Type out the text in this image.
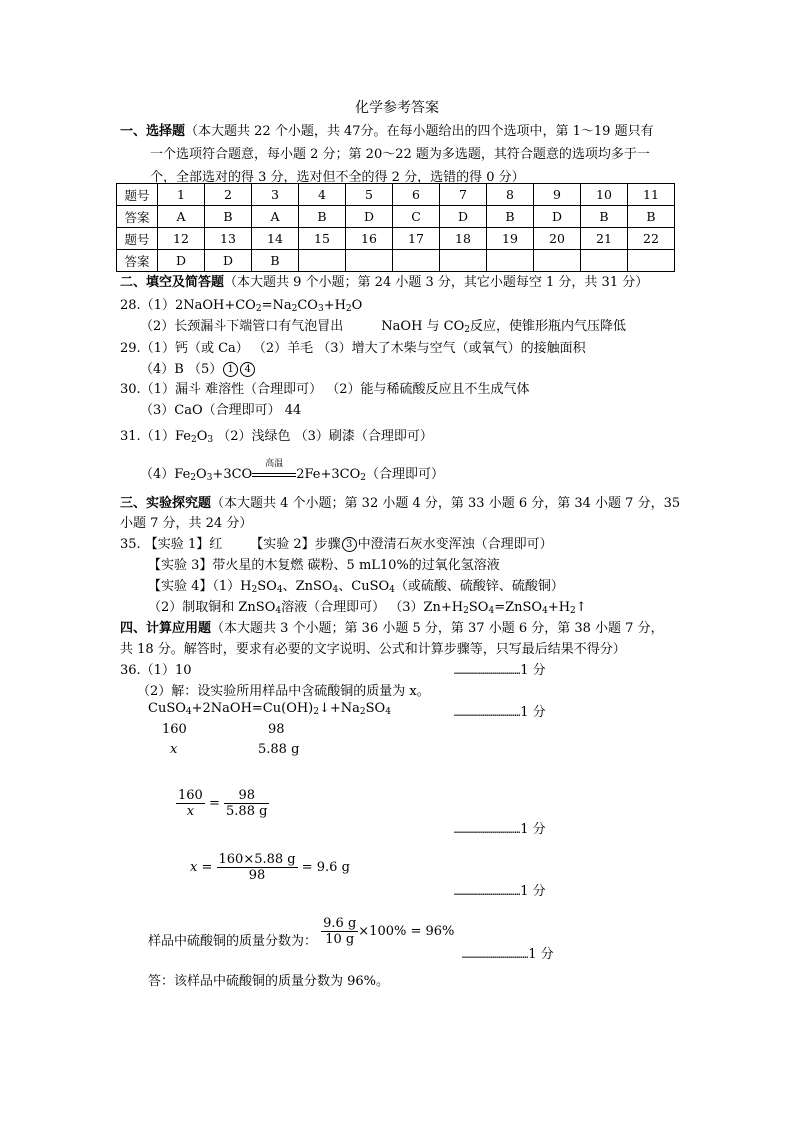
化学参考答案
一、选择题（本大题共 22 个小题，共 47分。在每小题给出的四个选项中，第 1～19 题只有
一个选项符合题意，每小题 2 分；第 20～22 题为多选题，其符合题意的选项均多于一
个，全部选对的得 3 分，选对但不全的得 2 分，选错的得 0 分）
题号	1	2	3	4	5	6	7	8	9	10	11
答案	A	B	A	B	D	C	D	B	D	B	B
题号	12	13	14	15	16	17	18	19	20	21	22
答案	D	D	B								
二、填空及简答题（本大题共 9 个小题；第 24 小题 3 分，其它小题每空 1 分，共 31 分）
$28.(1)2NaOH+CO_2=Na_2CO_3+H_2O$
（2）长颈漏斗下端管口有气泡冒出	NaOH 与 $CO_2$反应，使锥形瓶内气压降低
29.（1）钙（或 Ca） （2）羊毛 （3）增大了木柴与空气（或氧气）的接触面积
（4）B （5） 1 4
30.（1）漏斗 难溶性（合理即可） （2）能与稀硫酸反应且不生成气体
（3）CaO（合理即可） 44
$31.(1)Fe_2O_3$ （2）浅绿色 （3）刷漆（合理即可）
$(4)Fe_2O_3+3CO$
高温
$2Fe+3CO_2$（合理即可）
三、实验探究题（本大题共 4 个小题；第 32 小题 4 分，第 33 小题 6 分，第 34 小题 7 分，35
小题 7 分，共 24 分）
35. 【实验 1】红 【实验 2】步骤 3 中澄清石灰水变浑浊（合理即可）
【实验 3】带火星的木复燃 碳粉、5 mL10%的过氧化氢溶液
【实验 4】$(1)H_2SO_4$、ZnSO$_4$、CuSO$_4$（或硫酸、硫酸锌、硫酸铜）
（2）制取铜和 ZnSO$_4$溶液（合理即可） $(3)Zn+H_2SO_4=ZnSO_4+H_2↑$
四、计算应用题（本大题共 3 个小题；第 36 小题 5 分，第 37 小题 6 分，第 38 小题 7 分，
共 18 分。解答时，要求有必要的文字说明、公式和计算步骤等，只写最后结果不得分）
36.（1）10	……………………………1 分
（2）解：设实验所用样品中含硫酸铜的质量为 x。
$CuSO_4+2NaOH=Cu(OH)_2↓+Na_2SO_4$	……………………………1 分
160	98
x	5.88 g
$\frac{160}{x} = \frac{98}{5.88 g}$
……………………………1 分
$x = \frac{160\times 5.88 g}{98} = 9.6$ g
……………………………1 分
样品中硫酸铜的质量分数为： $\frac{9.6 g}{10 g} \times 100\% = 96\%$
……………………………1 分
答：该样品中硫酸铜的质量分数为 96%。
